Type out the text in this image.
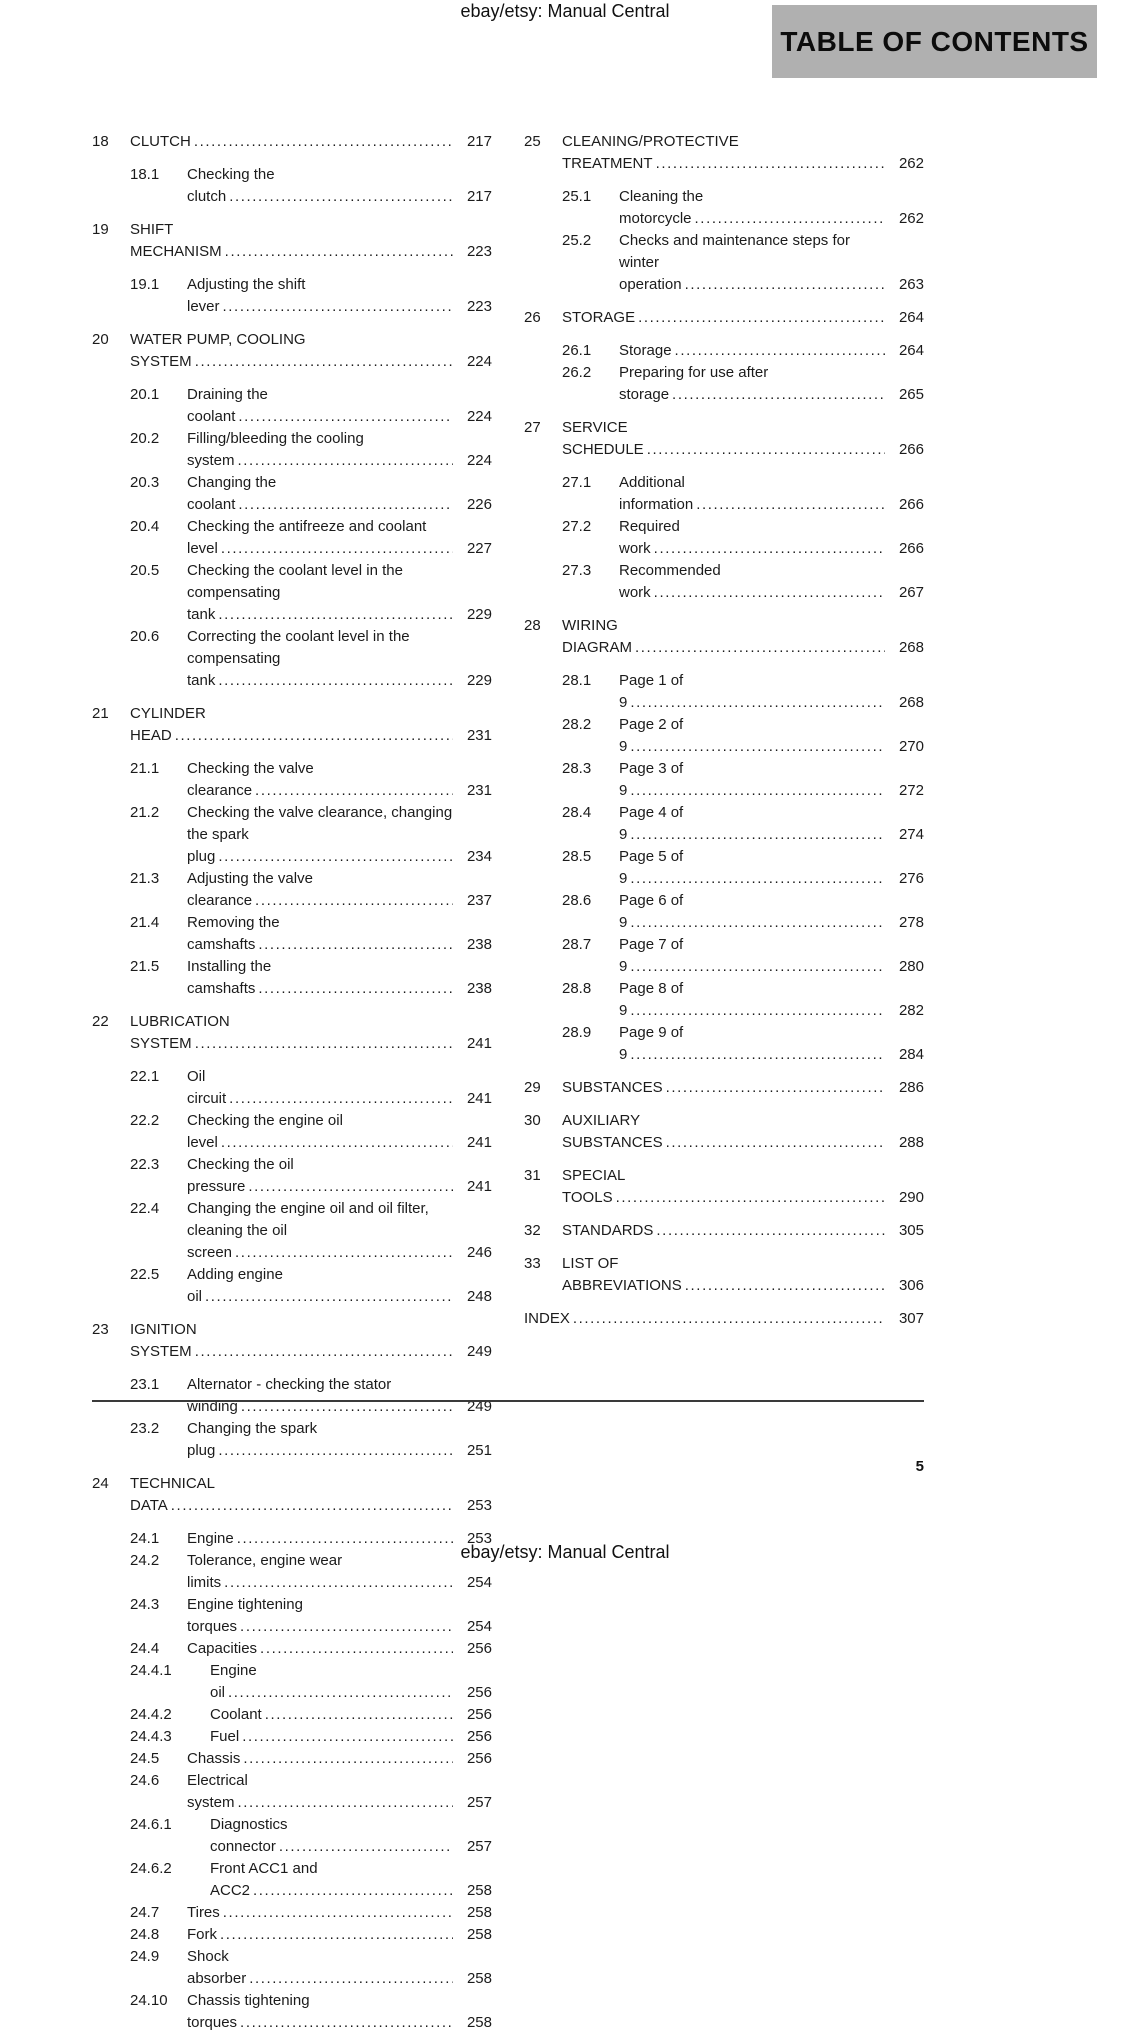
ebay/etsy: Manual Central
TABLE OF CONTENTS
18	CLUTCH .....	217
18.1	Checking the clutch .....	217
19	SHIFT MECHANISM .....	223
19.1	Adjusting the shift lever .....	223
20	WATER PUMP, COOLING SYSTEM .....	224
20.1	Draining the coolant .....	224
20.2	Filling/bleeding the cooling system .....	224
20.3	Changing the coolant .....	226
20.4	Checking the antifreeze and coolant level .....	227
20.5	Checking the coolant level in the compensating tank .....	229
20.6	Correcting the coolant level in the compensating tank .....	229
21	CYLINDER HEAD .....	231
21.1	Checking the valve clearance .....	231
21.2	Checking the valve clearance, changing the spark plug .....	234
21.3	Adjusting the valve clearance .....	237
21.4	Removing the camshafts .....	238
21.5	Installing the camshafts .....	238
22	LUBRICATION SYSTEM .....	241
22.1	Oil circuit .....	241
22.2	Checking the engine oil level .....	241
22.3	Checking the oil pressure .....	241
22.4	Changing the engine oil and oil filter, cleaning the oil screen .....	246
22.5	Adding engine oil .....	248
23	IGNITION SYSTEM .....	249
23.1	Alternator - checking the stator winding .....	249
23.2	Changing the spark plug .....	251
24	TECHNICAL DATA .....	253
24.1	Engine .....	253
24.2	Tolerance, engine wear limits .....	254
24.3	Engine tightening torques .....	254
24.4	Capacities .....	256
24.4.1	Engine oil .....	256
24.4.2	Coolant .....	256
24.4.3	Fuel .....	256
24.5	Chassis .....	256
24.6	Electrical system .....	257
24.6.1	Diagnostics connector .....	257
24.6.2	Front ACC1 and ACC2 .....	258
24.7	Tires .....	258
24.8	Fork .....	258
24.9	Shock absorber .....	258
24.10	Chassis tightening torques .....	258
25	CLEANING/PROTECTIVE TREATMENT .....	262
25.1	Cleaning the motorcycle .....	262
25.2	Checks and maintenance steps for winter operation .....	263
26	STORAGE .....	264
26.1	Storage .....	264
26.2	Preparing for use after storage .....	265
27	SERVICE SCHEDULE .....	266
27.1	Additional information .....	266
27.2	Required work .....	266
27.3	Recommended work .....	267
28	WIRING DIAGRAM .....	268
28.1	Page 1 of 9 .....	268
28.2	Page 2 of 9 .....	270
28.3	Page 3 of 9 .....	272
28.4	Page 4 of 9 .....	274
28.5	Page 5 of 9 .....	276
28.6	Page 6 of 9 .....	278
28.7	Page 7 of 9 .....	280
28.8	Page 8 of 9 .....	282
28.9	Page 9 of 9 .....	284
29	SUBSTANCES .....	286
30	AUXILIARY SUBSTANCES .....	288
31	SPECIAL TOOLS .....	290
32	STANDARDS .....	305
33	LIST OF ABBREVIATIONS .....	306
INDEX .....	307
5
ebay/etsy: Manual Central
